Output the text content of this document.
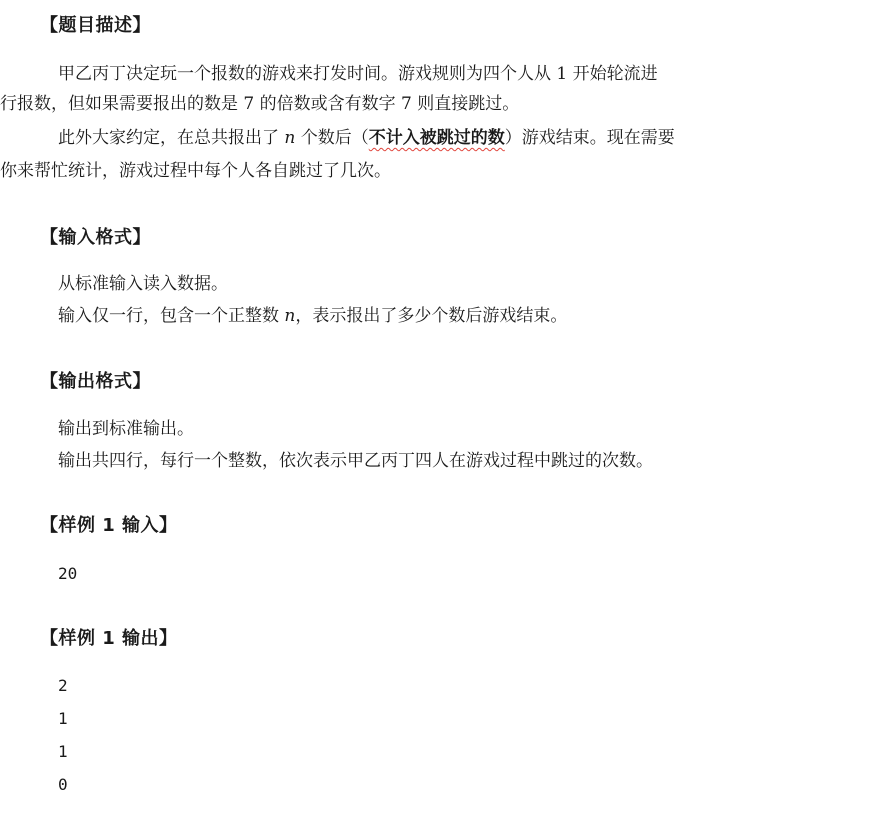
【题目描述】
甲乙丙丁决定玩一个报数的游戏来打发时间。游戏规则为四个人从 1 开始轮流进
行报数，但如果需要报出的数是 7 的倍数或含有数字 7 则直接跳过。
此外大家约定，在总共报出了 n 个数后（不计入被跳过的数）游戏结束。现在需要
你来帮忙统计，游戏过程中每个人各自跳过了几次。
【输入格式】
从标准输入读入数据。
输入仅一行，包含一个正整数 n，表示报出了多少个数后游戏结束。
【输出格式】
输出到标准输出。
输出共四行，每行一个整数，依次表示甲乙丙丁四人在游戏过程中跳过的次数。
【样例 1 输入】
20
【样例 1 输出】
2
1
1
0
